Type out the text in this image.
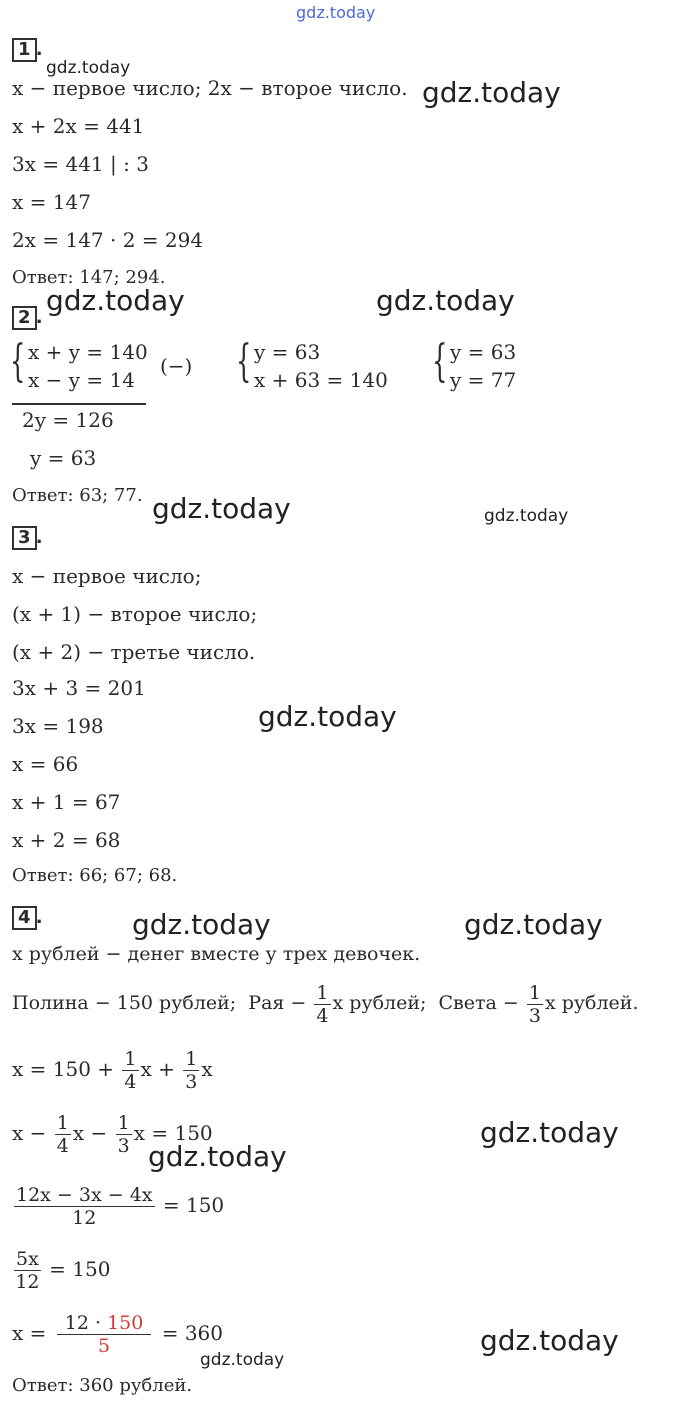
gdz.today
gdz.today
gdz.today
gdz.today	gdz.today
gdz.today	gdz.today
gdz.today
gdz.today	gdz.today
gdz.today
gdz.today
gdz.today
gdz.today
1 .
x − первое число; 2x − второе число.
x + 2x = 441
3x = 441 | : 3
x = 147
2x = 147 · 2 = 294
Ответ: 147; 294.
2 .
{ x + y = 140
x − y = 14
(−) { y = 63
x + 63 = 140 { y = 63
y = 77
2y = 126
y = 63
Ответ: 63; 77.
3 .
x − первое число;
(x + 1) − второе число;
(x + 2) − третье число.
3x + 3 = 201
3x = 198
x = 66
x + 1 = 67
x + 2 = 68
Ответ: 66; 67; 68.
4 .
x рублей − денег вместе у трех девочек.
Полина − 150 рублей; Рая − $\frac{1}{4}$ x рублей; Света − $\frac{1}{3}$ x рублей.
$x = 150 + \frac{1}{4}$ $x + \frac{1}{3}$ x
$x - \frac{1}{4}$ $x - \frac{1}{3}$ x = 150
$\frac{12x - 3x - 4x}{12} = 150$
$\frac{5x}{12} = 150$
$x = \frac{12 \cdot 150}{5} = 360$
Ответ: 360 рублей.
